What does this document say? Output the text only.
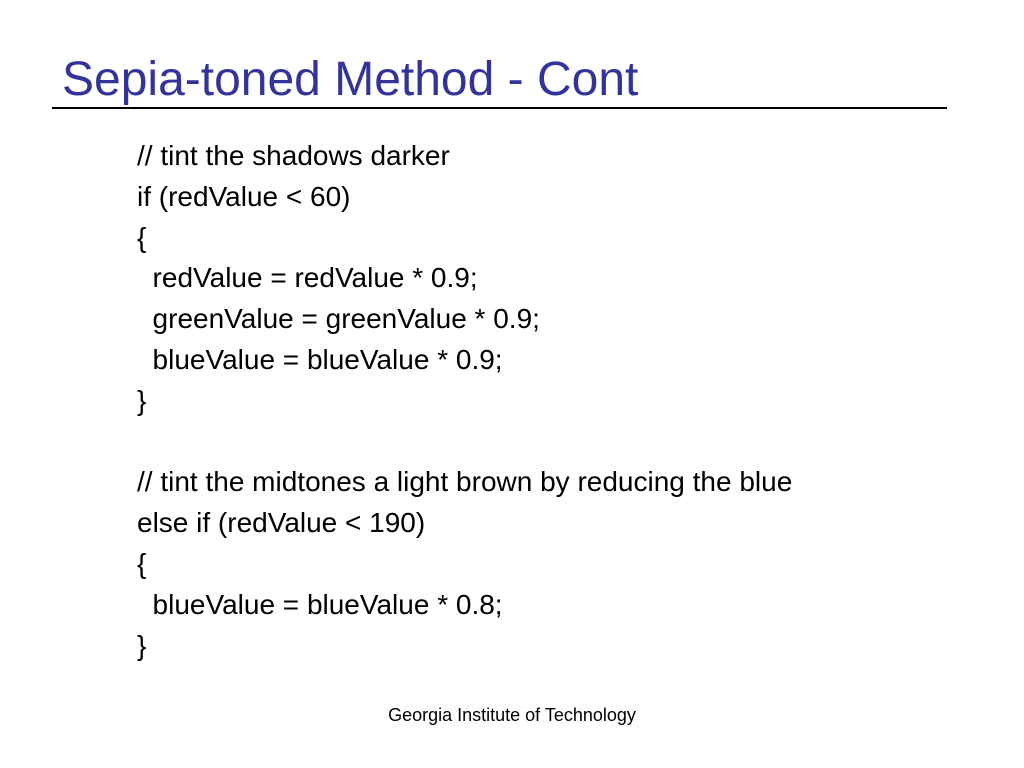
Sepia-toned Method - Cont
// tint the shadows darker
if (redValue < 60)
{
redValue = redValue * 0.9;
greenValue = greenValue * 0.9;
blueValue = blueValue * 0.9;
}
// tint the midtones a light brown by reducing the blue
else if (redValue < 190)
{
blueValue = blueValue * 0.8;
}
Georgia Institute of Technology
